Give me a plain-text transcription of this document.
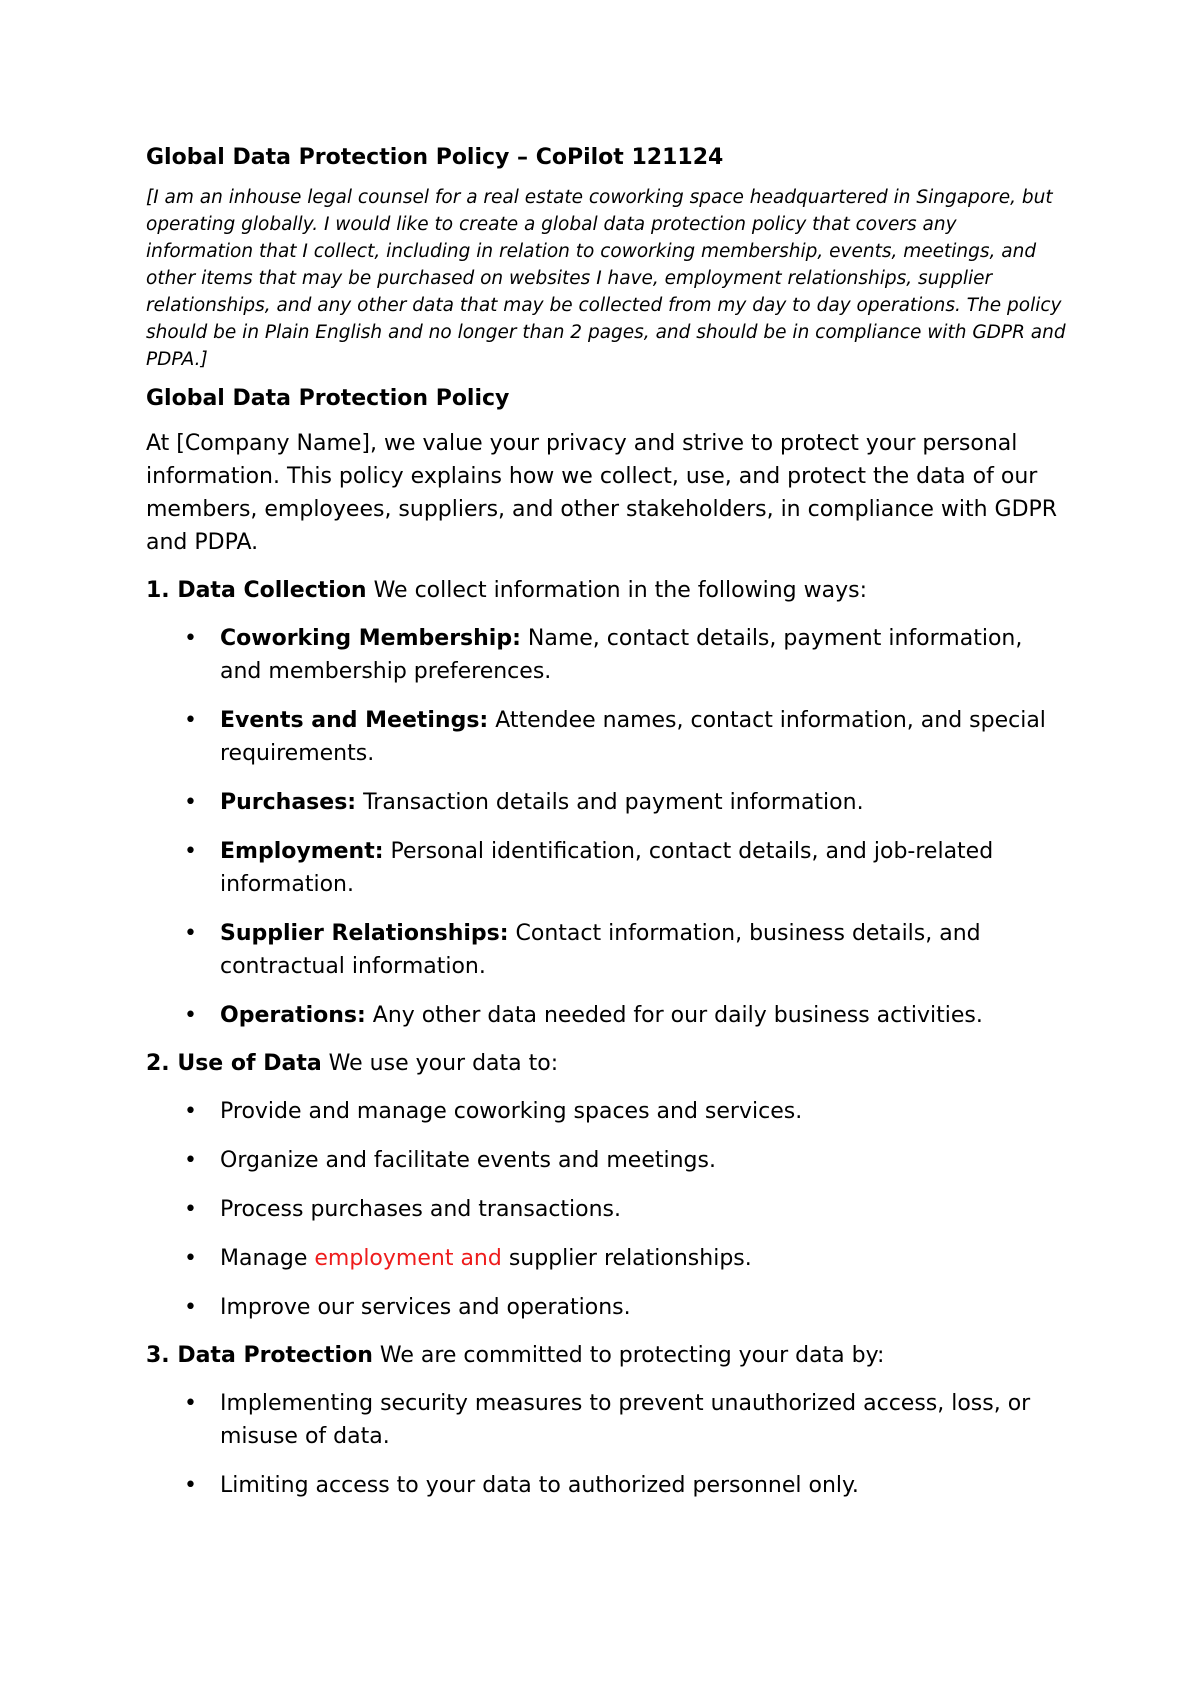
Global Data Protection Policy – CoPilot 121124
[I am an inhouse legal counsel for a real estate coworking space headquartered in Singapore, but operating globally. I would like to create a global data protection policy that covers any information that I collect, including in relation to coworking membership, events, meetings, and other items that may be purchased on websites I have, employment relationships, supplier relationships, and any other data that may be collected from my day to day operations. The policy should be in Plain English and no longer than 2 pages, and should be in compliance with GDPR and PDPA.]
Global Data Protection Policy
At [Company Name], we value your privacy and strive to protect your personal information. This policy explains how we collect, use, and protect the data of our members, employees, suppliers, and other stakeholders, in compliance with GDPR and PDPA.
1. Data Collection We collect information in the following ways:
• Coworking Membership: Name, contact details, payment information, and membership preferences.
• Events and Meetings: Attendee names, contact information, and special requirements.
• Purchases: Transaction details and payment information.
• Employment: Personal identification, contact details, and job-related information.
• Supplier Relationships: Contact information, business details, and contractual information.
• Operations: Any other data needed for our daily business activities.
2. Use of Data We use your data to:
• Provide and manage coworking spaces and services.
• Organize and facilitate events and meetings.
• Process purchases and transactions.
• Manage employment and supplier relationships.
• Improve our services and operations.
3. Data Protection We are committed to protecting your data by:
• Implementing security measures to prevent unauthorized access, loss, or misuse of data.
• Limiting access to your data to authorized personnel only.
